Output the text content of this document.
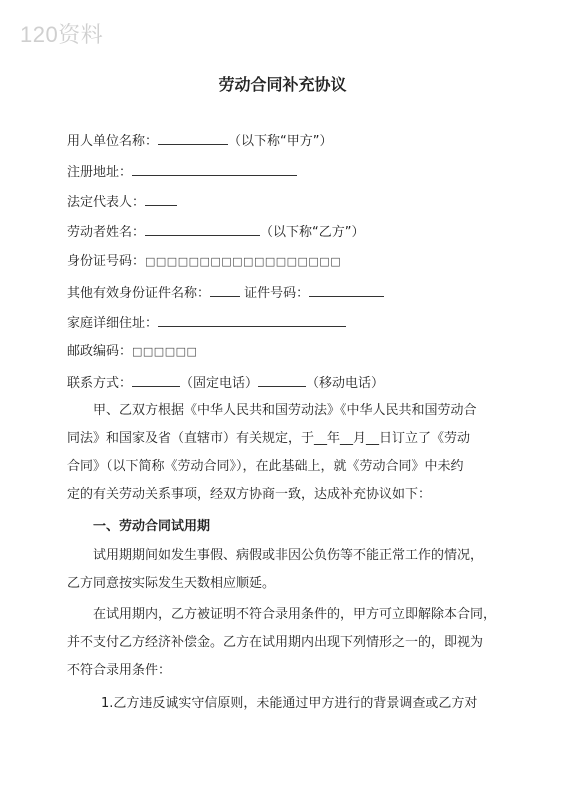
120资料
劳动合同补充协议
用人单位名称：	（以下称“甲方”）
注册地址：
法定代表人：
劳动者姓名：	（以下称“乙方”）
身份证号码：□□□□□□□□□□□□□□□□□□
其他有效身份证件名称：	证件号码：
家庭详细住址：
邮政编码：□□□□□□
联系方式：	（固定电话）	（移动电话）
甲、乙双方根据《中华人民共和国劳动法》《中华人民共和国劳动合
同法》和国家及省（直辖市）有关规定，于__年__月__日订立了《劳动
合同》（以下简称《劳动合同》），在此基础上，就《劳动合同》中未约
定的有关劳动关系事项，经双方协商一致，达成补充协议如下：
一、劳动合同试用期
试用期期间如发生事假、病假或非因公负伤等不能正常工作的情况，
乙方同意按实际发生天数相应顺延。
在试用期内，乙方被证明不符合录用条件的，甲方可立即解除本合同，
并不支付乙方经济补偿金。乙方在试用期内出现下列情形之一的，即视为
不符合录用条件：
1.乙方违反诚实守信原则，未能通过甲方进行的背景调查或乙方对
